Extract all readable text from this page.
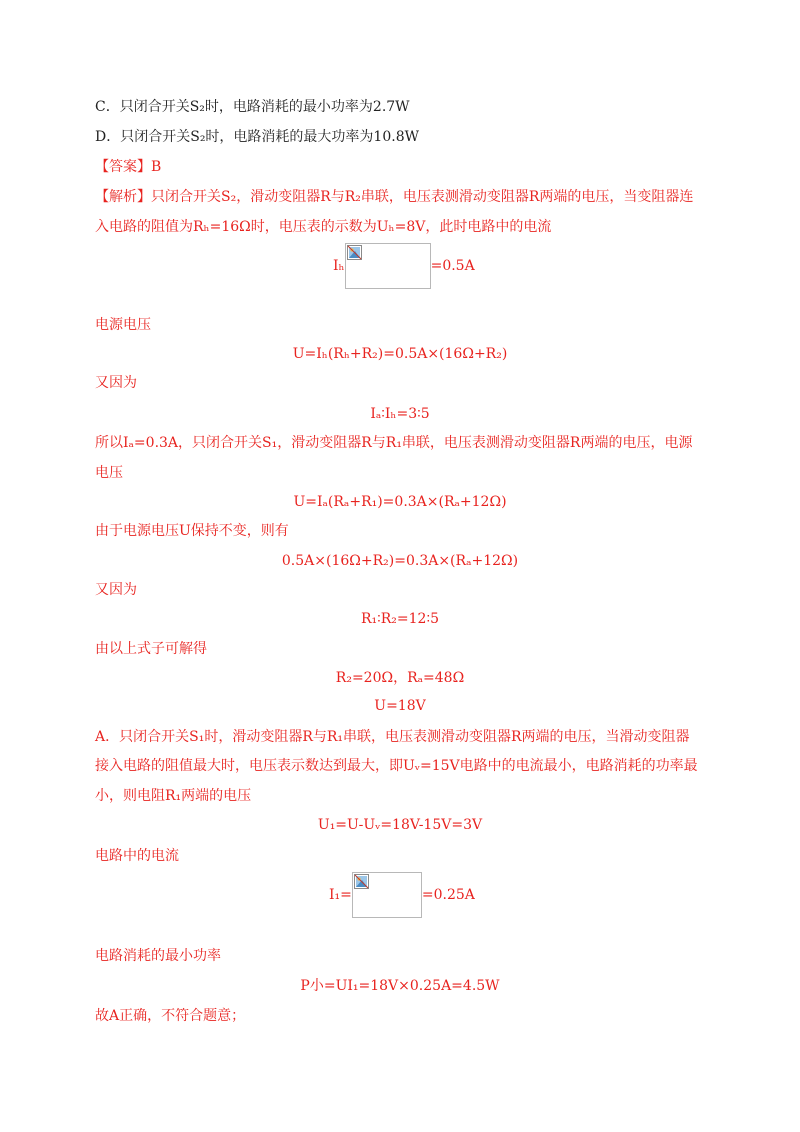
C．只闭合开关S₂时，电路消耗的最小功率为2.7W
D．只闭合开关S₂时，电路消耗的最大功率为10.8W
【答案】B
【解析】只闭合开关S₂，滑动变阻器R与R₂串联，电压表测滑动变阻器R两端的电压，当变阻器连
入电路的阻值为Rₕ=16Ω时，电压表的示数为Uₕ=8V，此时电路中的电流
Iₕ	=0.5A
电源电压
U=Iₕ(Rₕ+R₂)=0.5A×(16Ω+R₂)
又因为
Iₐ∶Iₕ=3∶5
所以Iₐ=0.3A，只闭合开关S₁，滑动变阻器R与R₁串联，电压表测滑动变阻器R两端的电压，电源
电压
U=Iₐ(Rₐ+R₁)=0.3A×(Rₐ+12Ω)
由于电源电压U保持不变，则有
0.5A×(16Ω+R₂)=0.3A×(Rₐ+12Ω)
又因为
R₁∶R₂=12∶5
由以上式子可解得
R₂=20Ω，Rₐ=48Ω
U=18V
A．只闭合开关S₁时，滑动变阻器R与R₁串联，电压表测滑动变阻器R两端的电压，当滑动变阻器
接入电路的阻值最大时，电压表示数达到最大，即Uᵥ=15V电路中的电流最小，电路消耗的功率最
小，则电阻R₁两端的电压
U₁=U-Uᵥ=18V-15V=3V
电路中的电流
I₁=	=0.25A
电路消耗的最小功率
P小=UI₁=18V×0.25A=4.5W
故A正确，不符合题意；
